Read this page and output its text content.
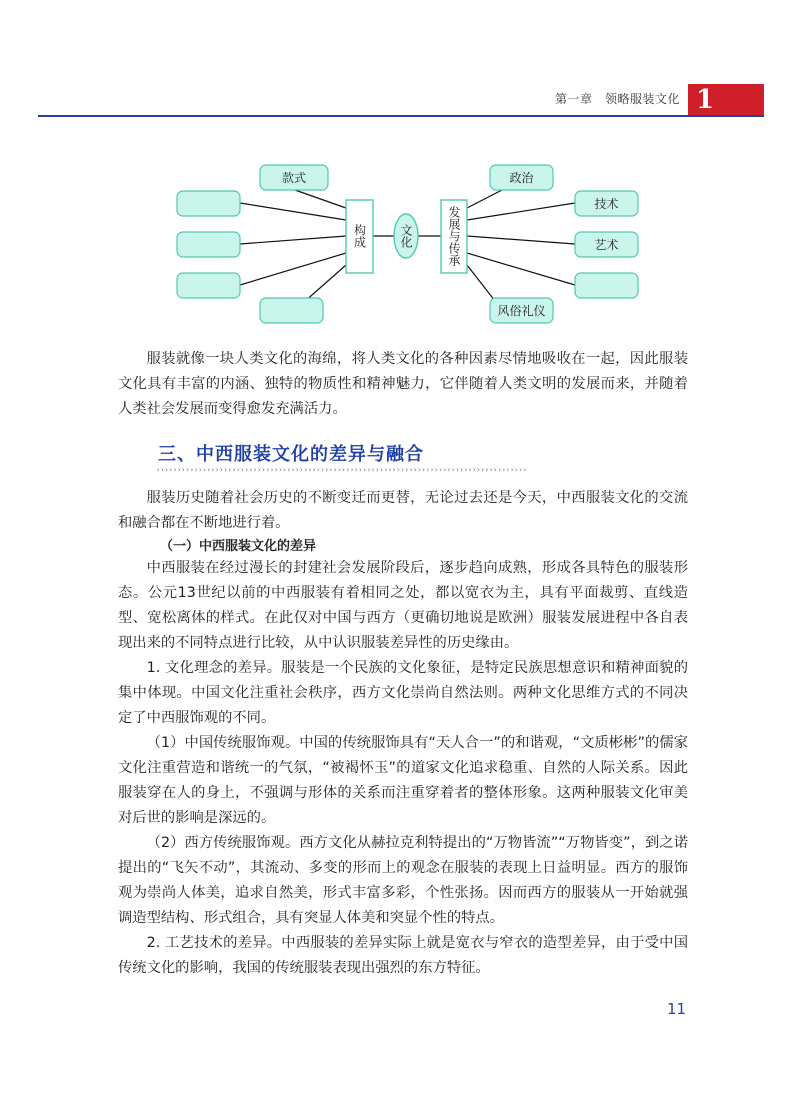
第一章　领略服装文化 1
款式
构成	文化	发展与传承
政治
技术
艺术
风俗礼仪

服装就像一块人类文化的海绵，将人类文化的各种因素尽情地吸收在一起，因此服装文化具有丰富的内涵、独特的物质性和精神魅力，它伴随着人类文明的发展而来，并随着人类社会发展而变得愈发充满活力。

三、中西服装文化的差异与融合
››››››››››››››››››››››››››››››››››››››››››››››››››››››››››››››››››››››››››››››››››››››››

服装历史随着社会历史的不断变迁而更替，无论过去还是今天，中西服装文化的交流和融合都在不断地进行着。

（一）中西服装文化的差异

中西服装在经过漫长的封建社会发展阶段后，逐步趋向成熟，形成各具特色的服装形态。公元13世纪以前的中西服装有着相同之处，都以宽衣为主，具有平面裁剪、直线造型、宽松离体的样式。在此仅对中国与西方（更确切地说是欧洲）服装发展进程中各自表现出来的不同特点进行比较，从中认识服装差异性的历史缘由。

1. 文化理念的差异。服装是一个民族的文化象征，是特定民族思想意识和精神面貌的集中体现。中国文化注重社会秩序，西方文化崇尚自然法则。两种文化思维方式的不同决定了中西服饰观的不同。

（1）中国传统服饰观。中国的传统服饰具有“天人合一”的和谐观，“文质彬彬”的儒家文化注重营造和谐统一的气氛，“被褐怀玉”的道家文化追求稳重、自然的人际关系。因此服装穿在人的身上，不强调与形体的关系而注重穿着者的整体形象。这两种服装文化审美对后世的影响是深远的。

（2）西方传统服饰观。西方文化从赫拉克利特提出的“万物皆流”“万物皆变”，到之诺提出的“飞矢不动”，其流动、多变的形而上的观念在服装的表现上日益明显。西方的服饰观为崇尚人体美，追求自然美，形式丰富多彩，个性张扬。因而西方的服装从一开始就强调造型结构、形式组合，具有突显人体美和突显个性的特点。

2. 工艺技术的差异。中西服装的差异实际上就是宽衣与窄衣的造型差异，由于受中国传统文化的影响，我国的传统服装表现出强烈的东方特征。

11
